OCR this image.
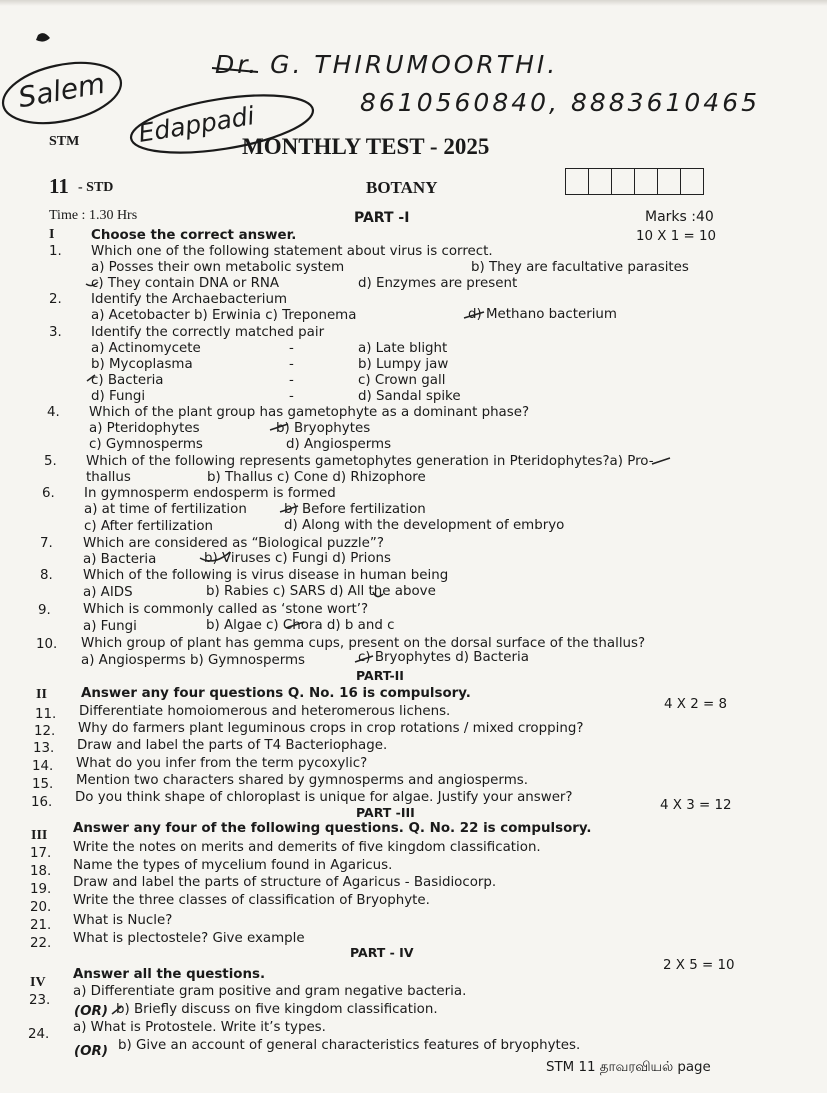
Salem
Dr. G. THIRUMOORTHI.
Edappadi	8610560840, 8883610465
STM	MONTHLY TEST - 2025
11 - STD	BOTANY
Time : 1.30 Hrs	PART -I	Marks :40
I	Choose the correct answer.	10 X 1 = 10
1. Which one of the following statement about virus is correct.
a) Posses their own metabolic system	b) They are facultative parasites
c) They contain DNA or RNA	d) Enzymes are present
2. Identify the Archaebacterium
a) Acetobacter b) Erwinia c) Treponema	d) Methano bacterium
3. Identify the correctly matched pair
a) Actinomycete	-	a) Late blight
b) Mycoplasma	-	b) Lumpy jaw
c) Bacteria	-	c) Crown gall
d) Fungi	-	d) Sandal spike
4. Which of the plant group has gametophyte as a dominant phase?
a) Pteridophytes	b) Bryophytes
c) Gymnosperms	d) Angiosperms
5. Which of the following represents gametophytes generation in Pteridophytes?a) Pro-
thallus	b) Thallus c) Cone d) Rhizophore
6. In gymnosperm endosperm is formed
a) at time of fertilization	b) Before fertilization
c) After fertilization	d) Along with the development of embryo
7. Which are considered as “Biological puzzle”?
a) Bacteria	b) Viruses c) Fungi d) Prions
8. Which of the following is virus disease in human being
a) AIDS	b) Rabies c) SARS d) All the above
9. Which is commonly called as ‘stone wort’?
a) Fungi	b) Algae c) Chora d) b and c
10. Which group of plant has gemma cups, present on the dorsal surface of the thallus?
a) Angiosperms b) Gymnosperms	c) Bryophytes d) Bacteria
PART-II
II	Answer any four questions Q. No. 16 is compulsory.
4 X 2 = 8
11. Differentiate homoiomerous and heteromerous lichens.
12. Why do farmers plant leguminous crops in crop rotations / mixed cropping?
13. Draw and label the parts of T4 Bacteriophage.
14. What do you infer from the term pycoxylic?
15. Mention two characters shared by gymnosperms and angiosperms.
16. Do you think shape of chloroplast is unique for algae. Justify your answer?
PART -III	4 X 3 = 12
III Answer any four of the following questions. Q. No. 22 is compulsory.
17. Write the notes on merits and demerits of five kingdom classification.
18. Name the types of mycelium found in Agaricus.
19. Draw and label the parts of structure of Agaricus - Basidiocorp.
20. Write the three classes of classification of Bryophyte.
21. What is Nucle?
22. What is plectostele? Give example
PART - IV
2 X 5 = 10
IV
Answer all the questions.
23.
a) Differentiate gram positive and gram negative bacteria.
(OR) b) Briefly discuss on five kingdom classification.
24. a) What is Protostele. Write it’s types.
(OR) b) Give an account of general characteristics features of bryophytes.
STM 11 தாவரவியல் page
